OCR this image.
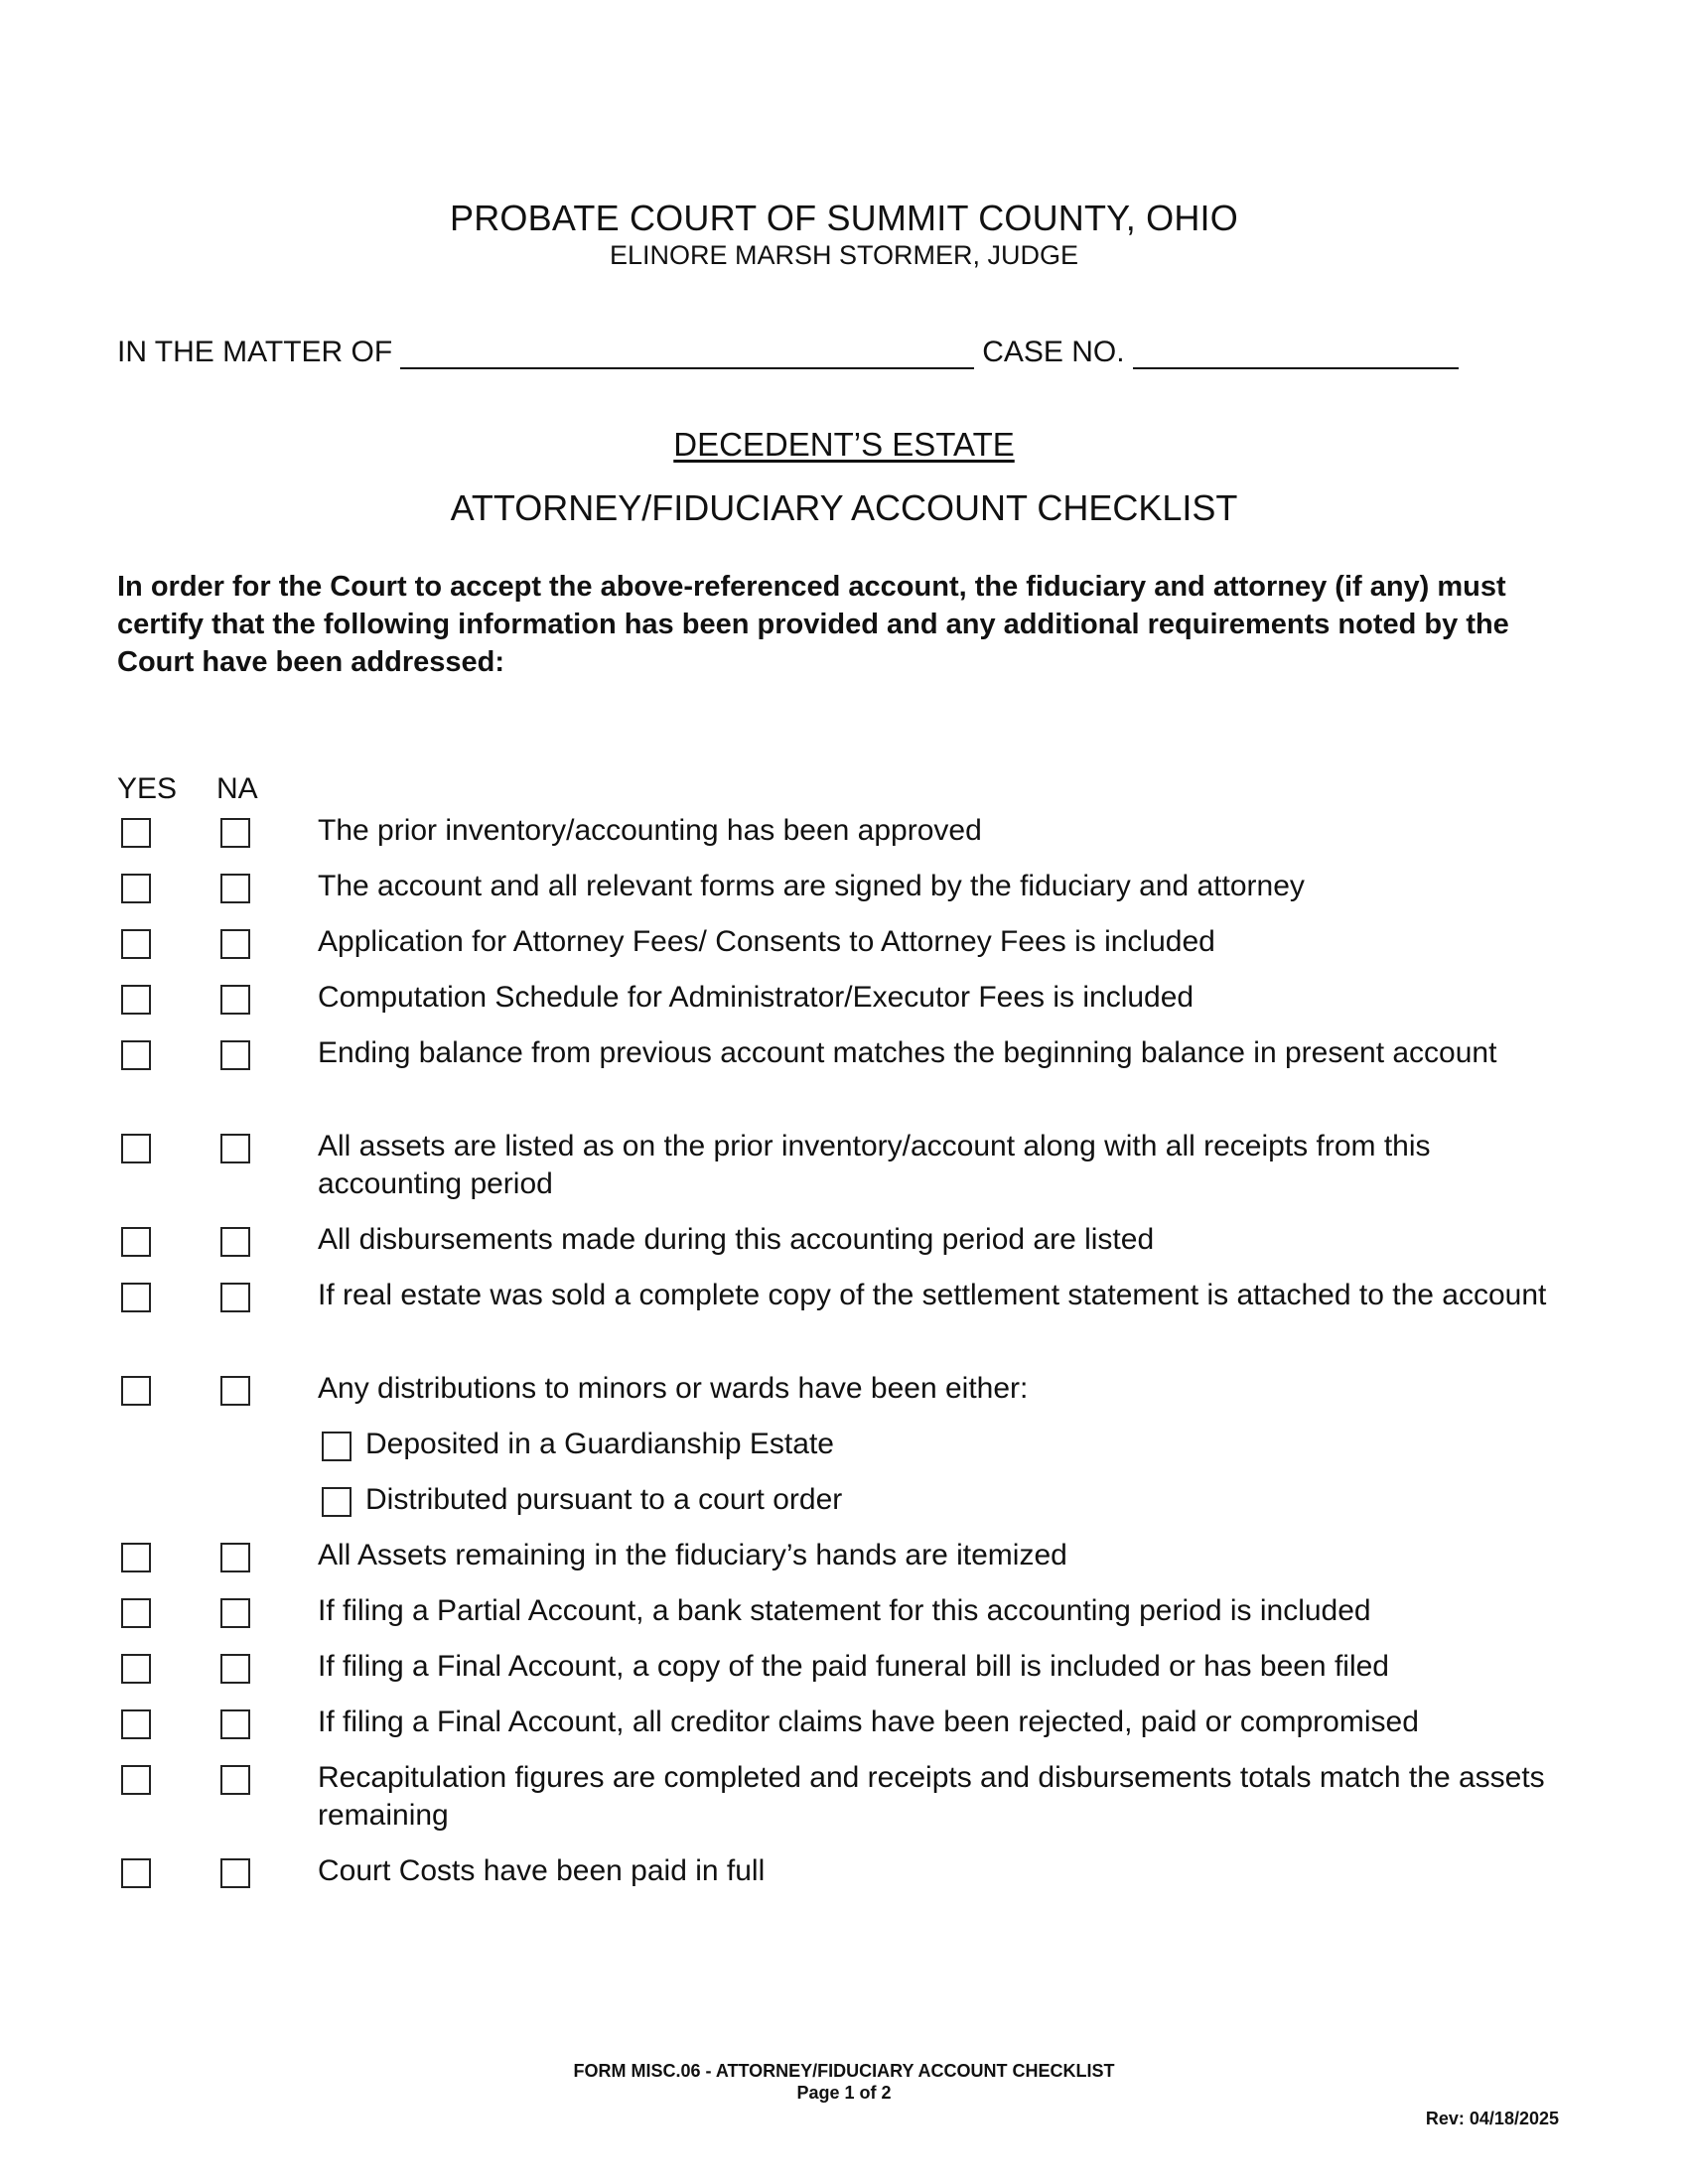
PROBATE COURT OF SUMMIT COUNTY, OHIO
ELINORE MARSH STORMER, JUDGE
IN THE MATTER OF	CASE NO.
DECEDENT’S ESTATE
ATTORNEY/FIDUCIARY ACCOUNT CHECKLIST

In order for the Court to accept the above-referenced account, the fiduciary and attorney (if any) must certify that the following information has been provided and any additional requirements noted by the Court have been addressed:

YES NA
The prior inventory/accounting has been approved
The account and all relevant forms are signed by the fiduciary and attorney
Application for Attorney Fees/ Consents to Attorney Fees is included
Computation Schedule for Administrator/Executor Fees is included
Ending balance from previous account matches the beginning balance in present account
All assets are listed as on the prior inventory/account along with all receipts from this accounting period
All disbursements made during this accounting period are listed
If real estate was sold a complete copy of the settlement statement is attached to the account
Any distributions to minors or wards have been either:
Deposited in a Guardianship Estate
Distributed pursuant to a court order
All Assets remaining in the fiduciary’s hands are itemized
If filing a Partial Account, a bank statement for this accounting period is included
If filing a Final Account, a copy of the paid funeral bill is included or has been filed
If filing a Final Account, all creditor claims have been rejected, paid or compromised
Recapitulation figures are completed and receipts and disbursements totals match the assets remaining
Court Costs have been paid in full
FORM MISC.06 - ATTORNEY/FIDUCIARY ACCOUNT CHECKLIST
Page 1 of 2
Rev: 04/18/2025
